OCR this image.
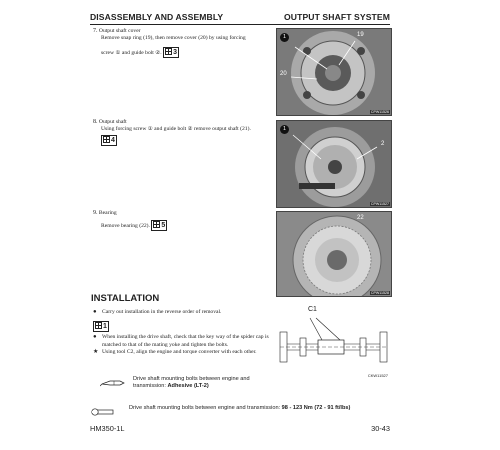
DISASSEMBLY AND ASSEMBLY	OUTPUT SHAFT SYSTEM
7. Output shaft cover
Remove snap ring (19), then remove cover (20) by using forcing
screw ① and guide bolt ②. 3
1	19
20
CPW11526
8. Output shaft
Using forcing screw ① and guide bolt ② remove output shaft (21).
4
1
2
CPW11527
9. Bearing
Remove bearing (22). 5
22
CPW11528
INSTALLATION
● Carry out installation in the reverse order of removal.
1
● When installing the drive shaft, check that the key way of the spider cap is matched to that of the mating yoke and tighten the bolts.
★ Using tool C2, align the engine and torque converter with each other.
C1
CKW11527
Drive shaft mounting bolts between engine and
transmission: Adhesive (LT-2)
Drive shaft mounting bolts between engine and transmission: 98 - 123 Nm (72 - 91 ft/lbs)
HM350-1L	30-43
